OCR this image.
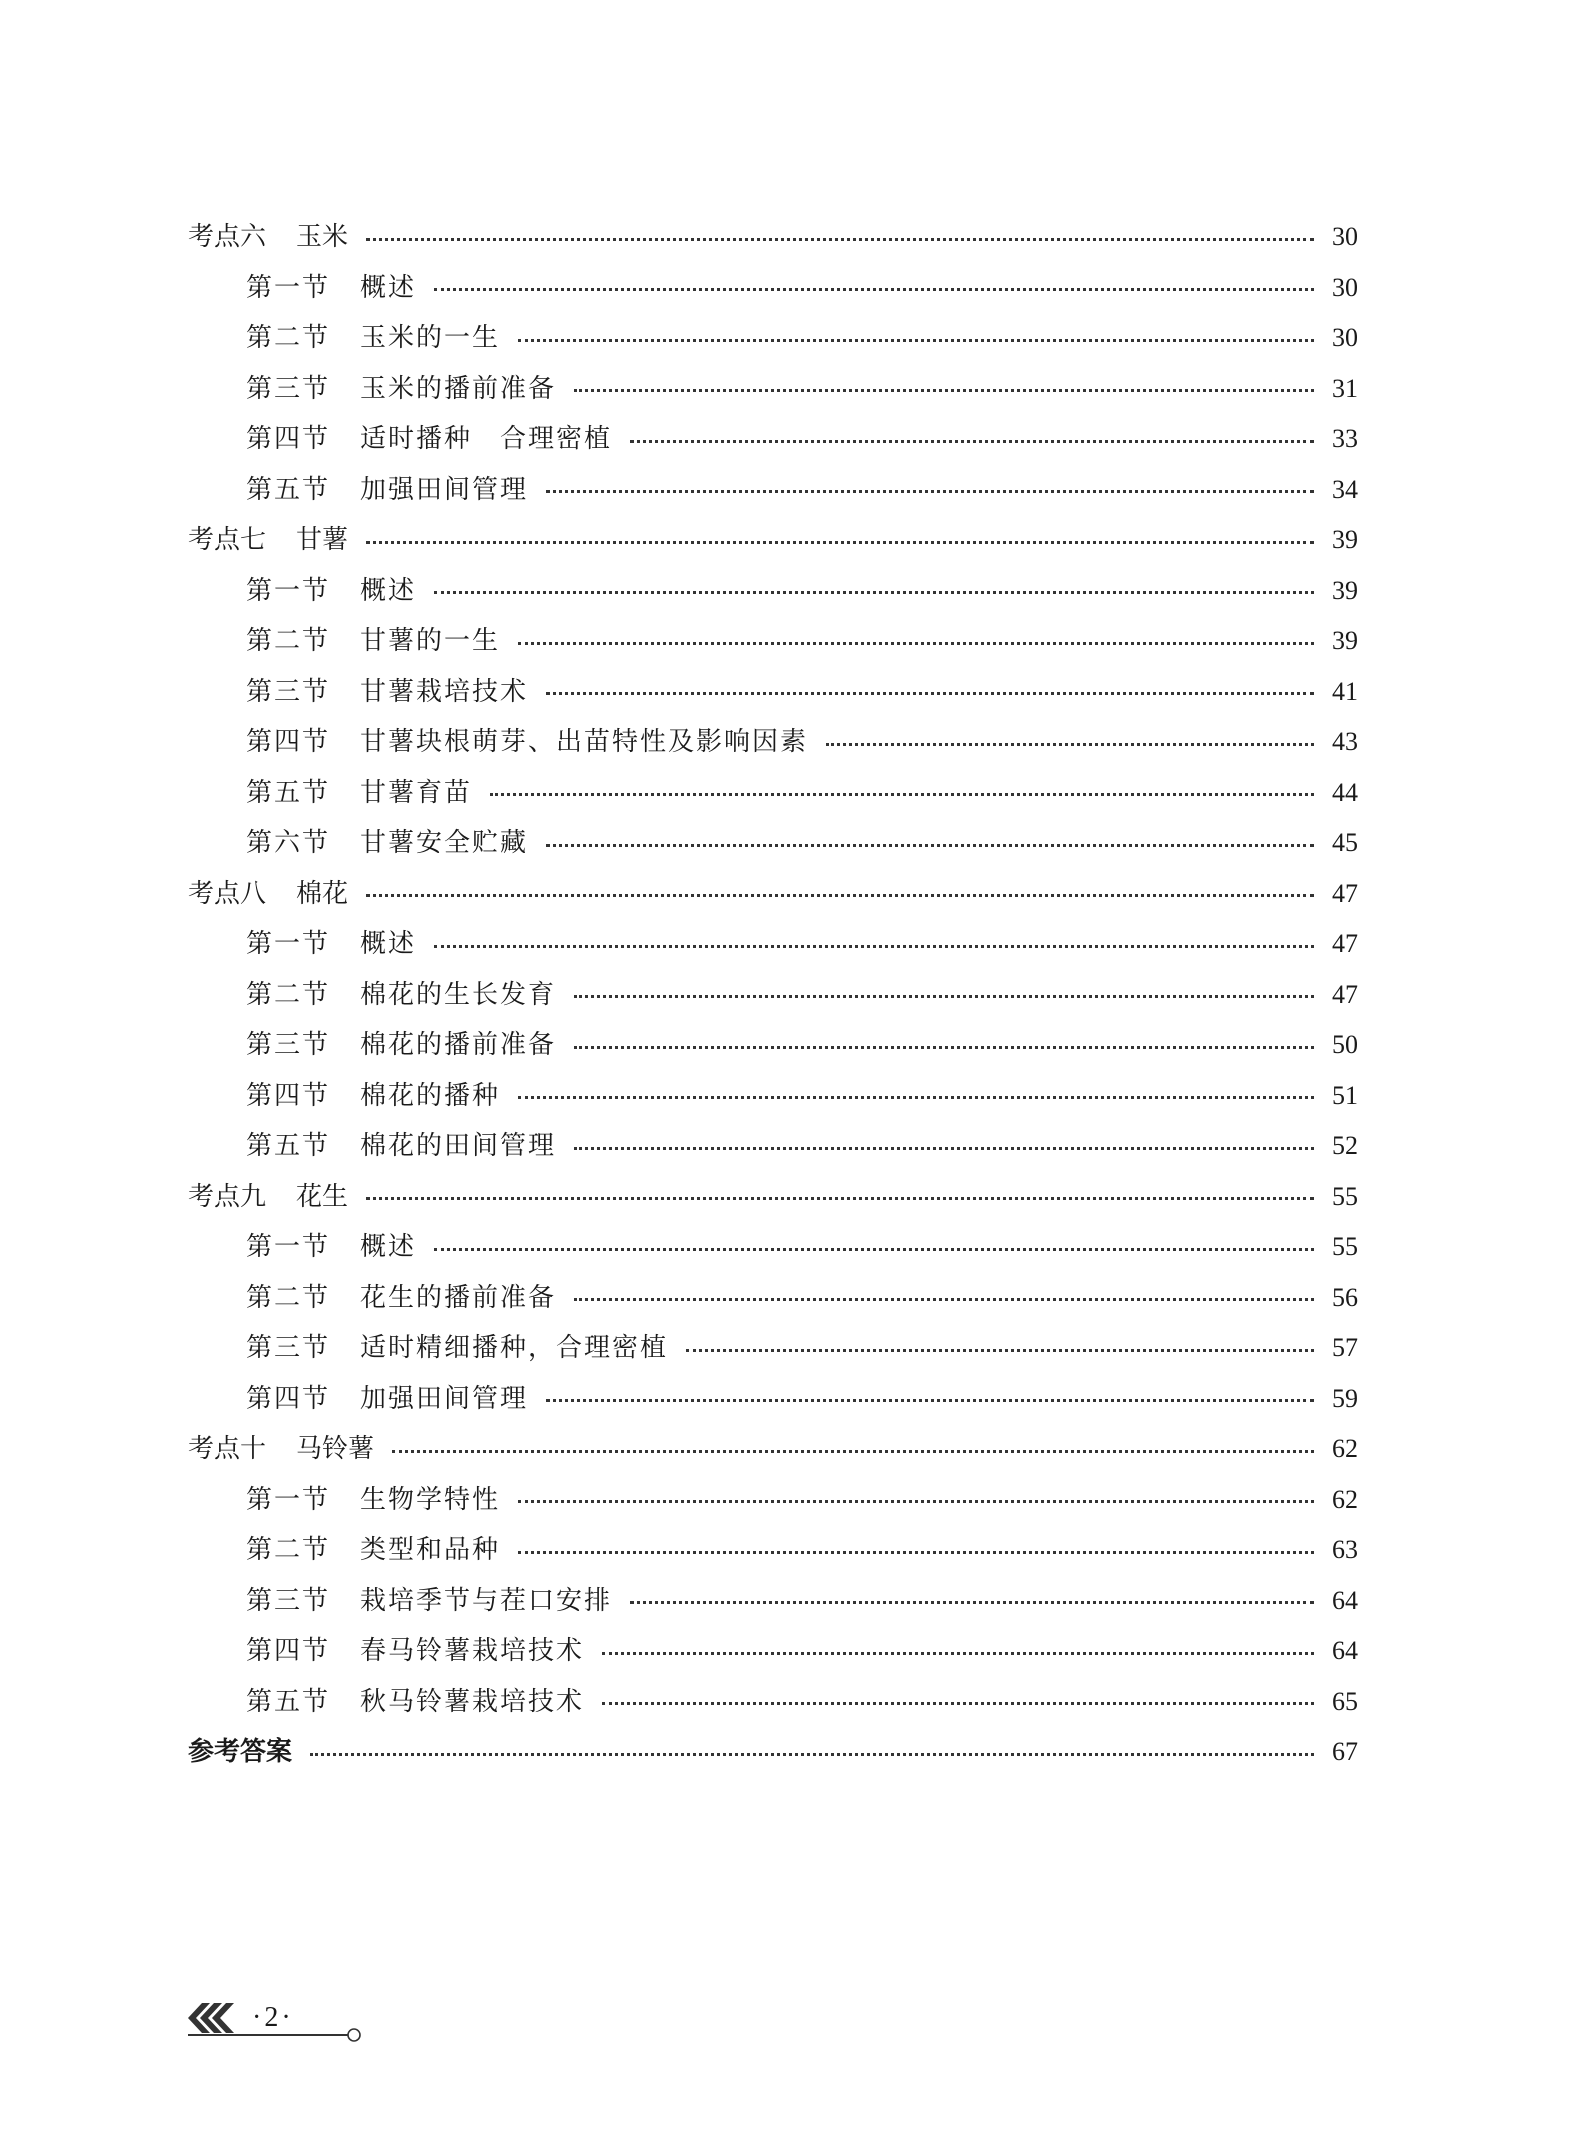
考点六 玉米	30
第一节 概述	30
第二节 玉米的一生	30
第三节 玉米的播前准备	31
第四节 适时播种　合理密植	33
第五节 加强田间管理	34
考点七 甘薯	39
第一节 概述	39
第二节 甘薯的一生	39
第三节 甘薯栽培技术	41
第四节 甘薯块根萌芽、出苗特性及影响因素	43
第五节 甘薯育苗	44
第六节 甘薯安全贮藏	45
考点八 棉花	47
第一节 概述	47
第二节 棉花的生长发育	47
第三节 棉花的播前准备	50
第四节 棉花的播种	51
第五节 棉花的田间管理	52
考点九 花生	55
第一节 概述	55
第二节 花生的播前准备	56
第三节 适时精细播种，合理密植	57
第四节 加强田间管理	59
考点十 马铃薯	62
第一节 生物学特性	62
第二节 类型和品种	63
第三节 栽培季节与茬口安排	64
第四节 春马铃薯栽培技术	64
第五节 秋马铃薯栽培技术	65
参考答案	67
·2·
